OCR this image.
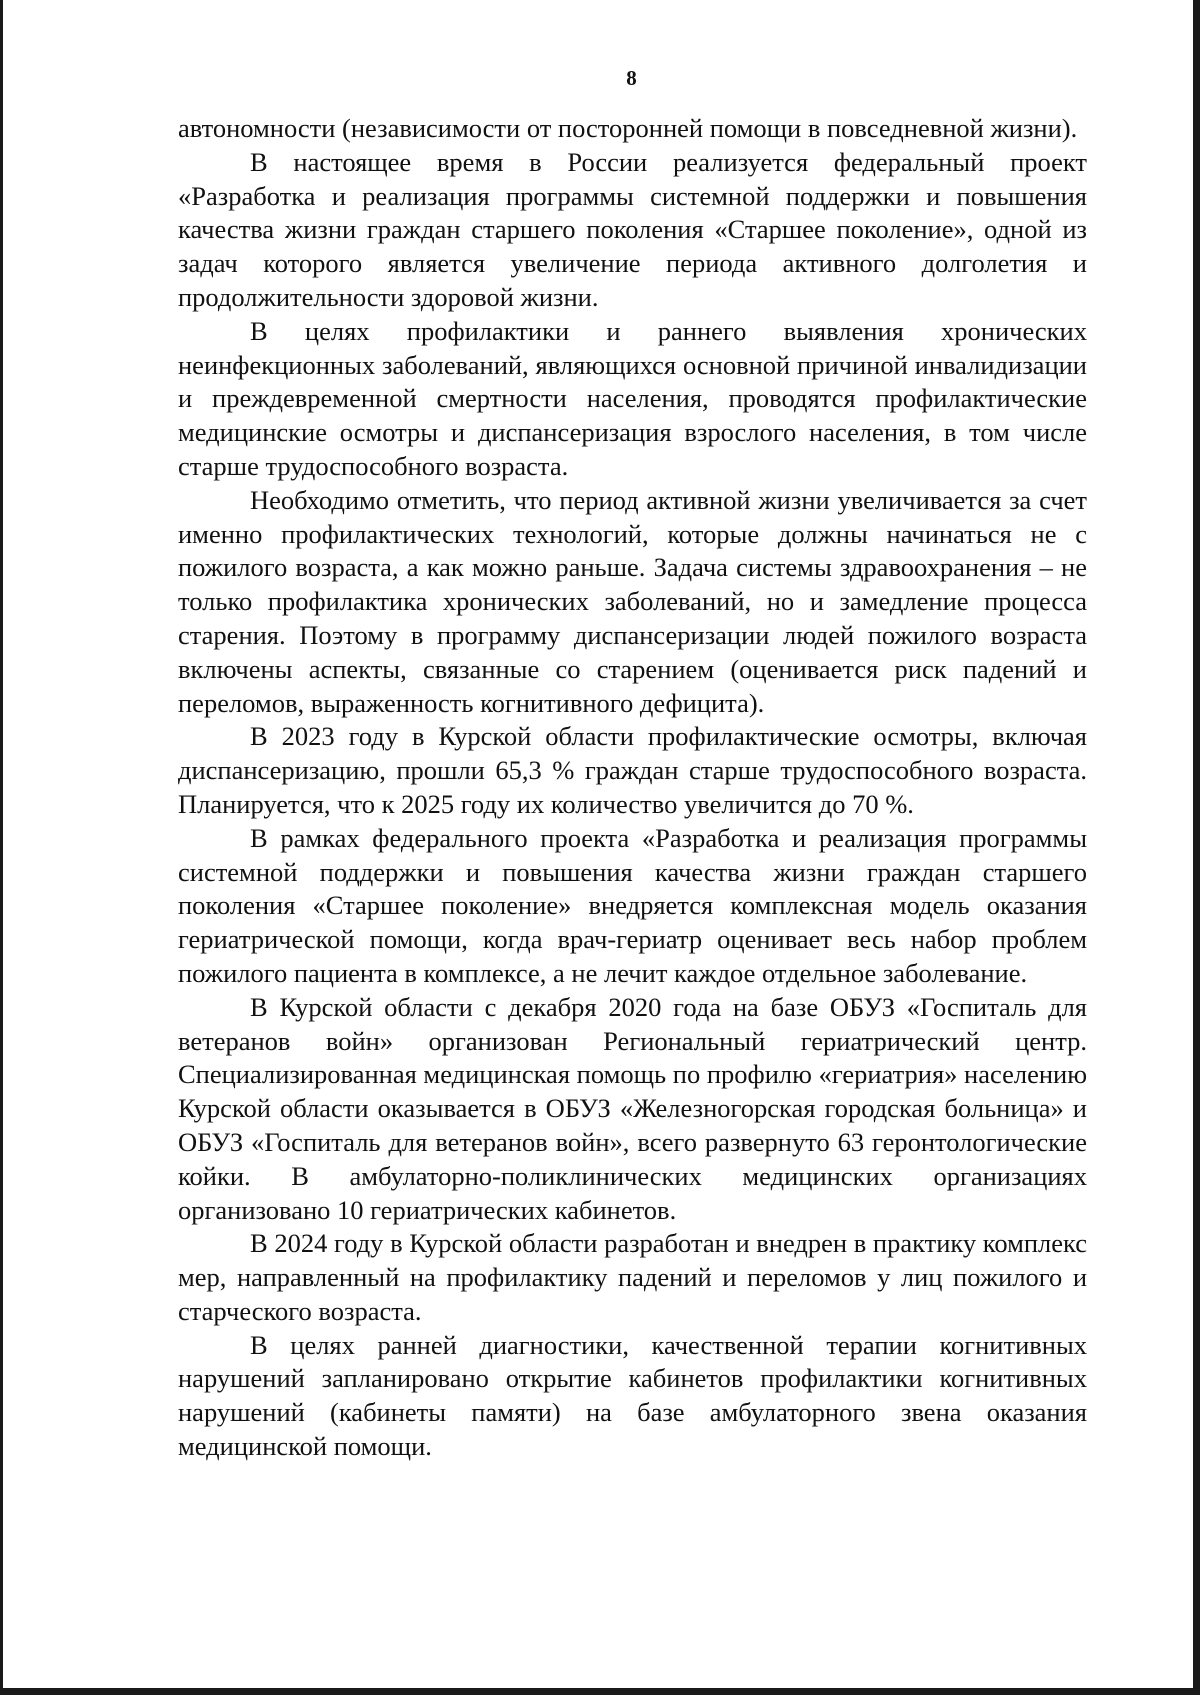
8

автономности (независимости от посторонней помощи в повседневной жизни).

В настоящее время в России реализуется федеральный проект «Разработка и реализация программы системной поддержки и повышения качества жизни граждан старшего поколения «Старшее поколение», одной из задач которого является увеличение периода активного долголетия и продолжительности здоровой жизни.

В целях профилактики и раннего выявления хронических неинфекционных заболеваний, являющихся основной причиной инвалидизации и преждевременной смертности населения, проводятся профилактические медицинские осмотры и диспансеризация взрослого населения, в том числе старше трудоспособного возраста.

Необходимо отметить, что период активной жизни увеличивается за счет именно профилактических технологий, которые должны начинаться не с пожилого возраста, а как можно раньше. Задача системы здравоохранения – не только профилактика хронических заболеваний, но и замедление процесса старения. Поэтому в программу диспансеризации людей пожилого возраста включены аспекты, связанные со старением (оценивается риск падений и переломов, выраженность когнитивного дефицита).

В 2023 году в Курской области профилактические осмотры, включая диспансеризацию, прошли 65,3 % граждан старше трудоспособного возраста. Планируется, что к 2025 году их количество увеличится до 70 %.

В рамках федерального проекта «Разработка и реализация программы системной поддержки и повышения качества жизни граждан старшего поколения «Старшее поколение» внедряется комплексная модель оказания гериатрической помощи, когда врач-гериатр оценивает весь набор проблем пожилого пациента в комплексе, а не лечит каждое отдельное заболевание.

В Курской области с декабря 2020 года на базе ОБУЗ «Госпиталь для ветеранов войн» организован Региональный гериатрический центр. Специализированная медицинская помощь по профилю «гериатрия» населению Курской области оказывается в ОБУЗ «Железногорская городская больница» и ОБУЗ «Госпиталь для ветеранов войн», всего развернуто 63 геронтологические койки. В амбулаторно-поликлинических медицинских организациях организовано 10 гериатрических кабинетов.

В 2024 году в Курской области разработан и внедрен в практику комплекс мер, направленный на профилактику падений и переломов у лиц пожилого и старческого возраста.

В целях ранней диагностики, качественной терапии когнитивных нарушений запланировано открытие кабинетов профилактики когнитивных нарушений (кабинеты памяти) на базе амбулаторного звена оказания медицинской помощи.
